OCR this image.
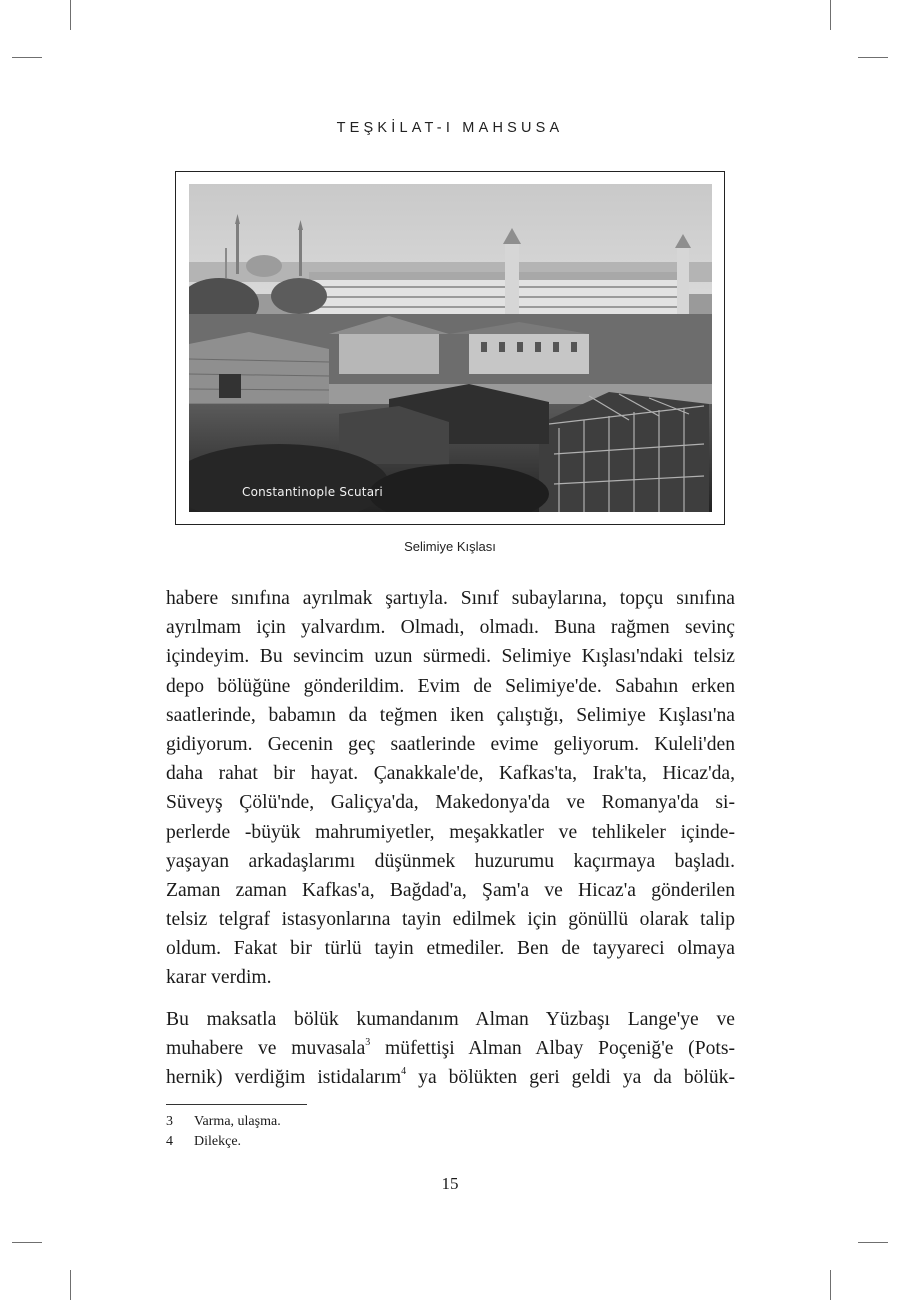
TEŞKİLAT-I MAHSUSA
Constantinople Scutari
Selimiye Kışlası
habere sınıfına ayrılmak şartıyla. Sınıf subaylarına, topçu sınıfına
ayrılmam için yalvardım. Olmadı, olmadı. Buna rağmen sevinç
içindeyim. Bu sevincim uzun sürmedi. Selimiye Kışlası'ndaki telsiz
depo bölüğüne gönderildim. Evim de Selimiye'de. Sabahın erken
saatlerinde, babamın da teğmen iken çalıştığı, Selimiye Kışlası'na
gidiyorum. Gecenin geç saatlerinde evime geliyorum. Kuleli'den
daha rahat bir hayat. Çanakkale'de, Kafkas'ta, Irak'ta, Hicaz'da,
Süveyş Çölü'nde, Galiçya'da, Makedonya'da ve Romanya'da si-
perlerde -büyük mahrumiyetler, meşakkatler ve tehlikeler içinde-
yaşayan arkadaşlarımı düşünmek huzurumu kaçırmaya başladı.
Zaman zaman Kafkas'a, Bağdad'a, Şam'a ve Hicaz'a gönderilen
telsiz telgraf istasyonlarına tayin edilmek için gönüllü olarak talip
oldum. Fakat bir türlü tayin etmediler. Ben de tayyareci olmaya
karar verdim.
Bu maksatla bölük kumandanım Alman Yüzbaşı Lange'ye ve
muhabere ve muvasala$^3$ müfettişi Alman Albay Poçeniğ'e (Pots-
hernik) verdiğim istidalarım$^4$ ya bölükten geri geldi ya da bölük-
3	Varma, ulaşma.
4	Dilekçe.
15
